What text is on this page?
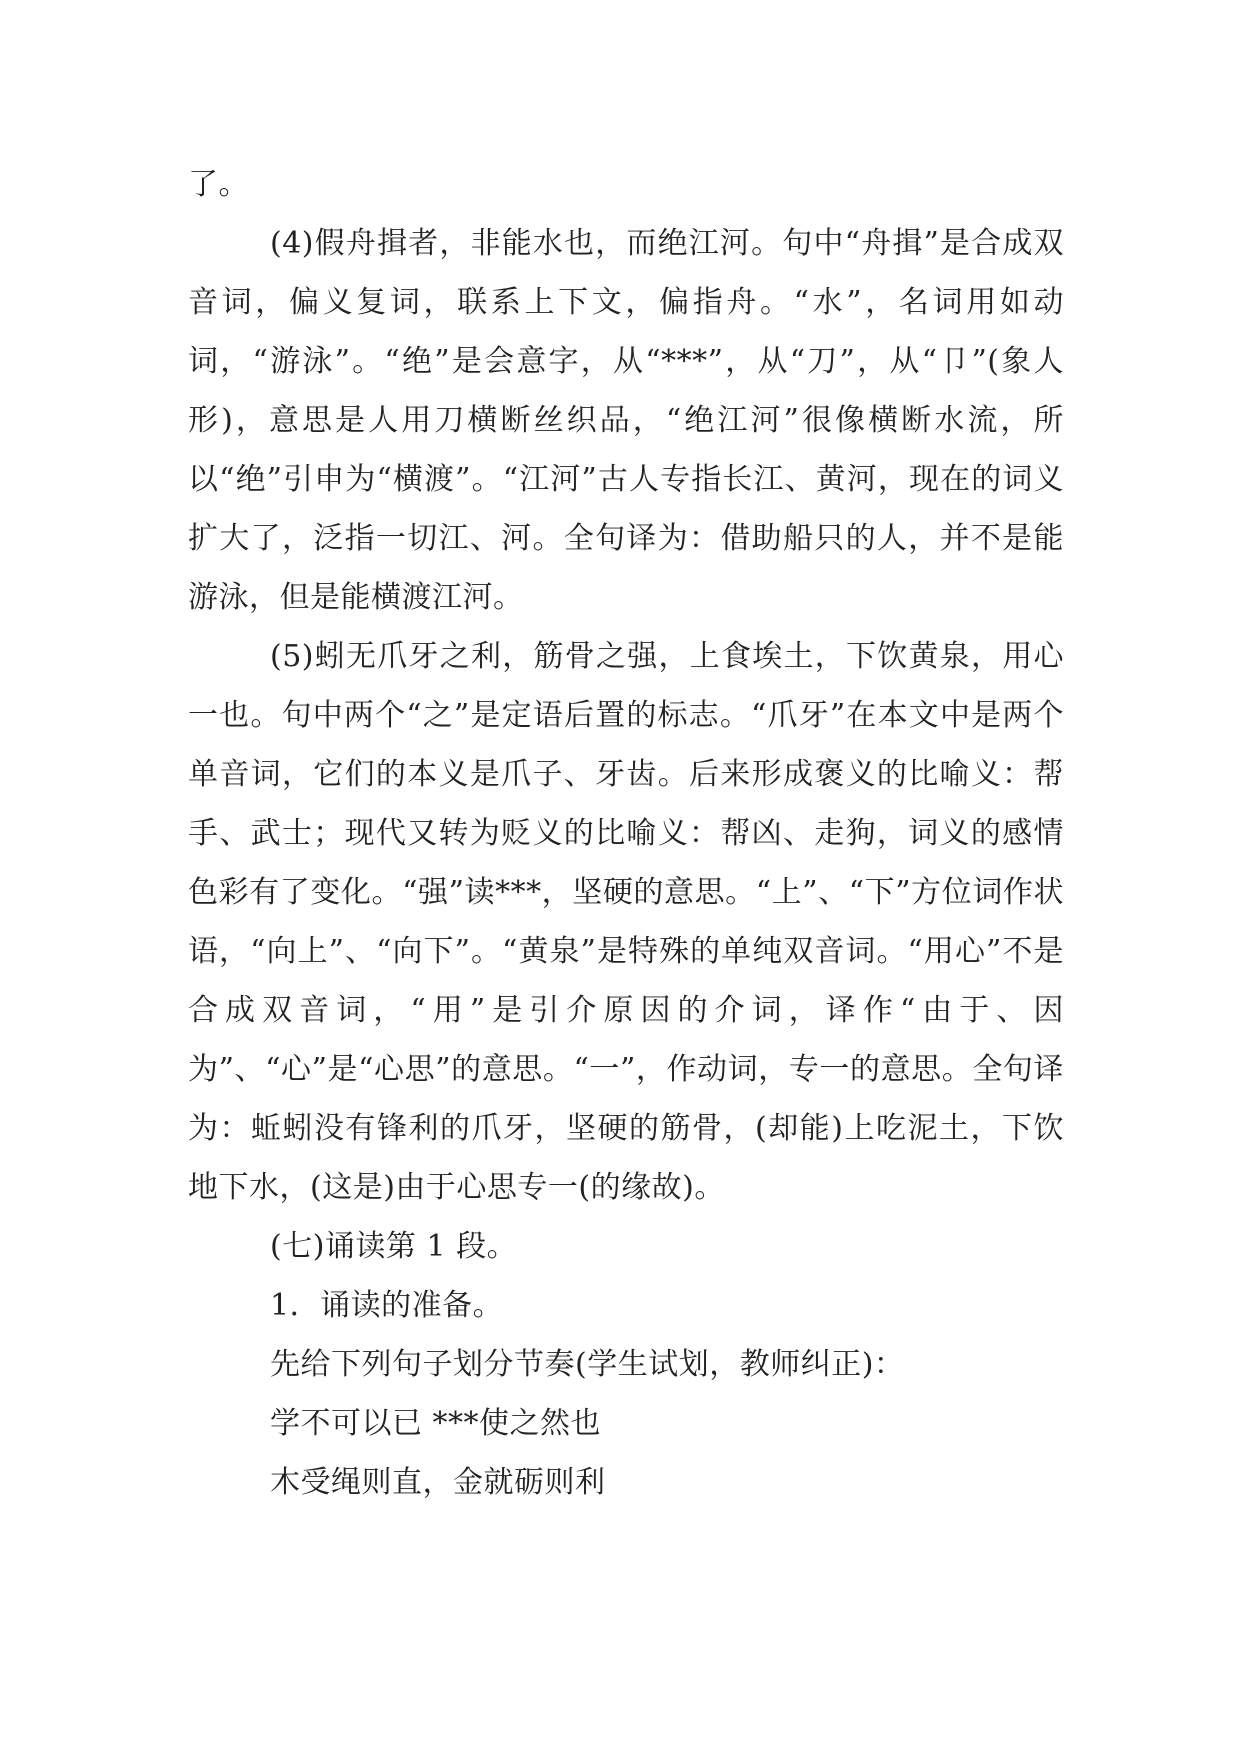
了。

(4)假舟揖者，非能水也，而绝江河。句中“舟揖”是合成双音词，偏义复词，联系上下文，偏指舟。“水”，名词用如动词，“游泳”。“绝”是会意字，从“***”，从“刀”，从“卩”(象人形)，意思是人用刀横断丝织品，“绝江河”很像横断水流，所以“绝”引申为“横渡”。“江河”古人专指长江、黄河，现在的词义扩大了，泛指一切江、河。全句译为：借助船只的人，并不是能游泳，但是能横渡江河。

(5)蚓无爪牙之利，筋骨之强，上食埃土，下饮黄泉，用心一也。句中两个“之”是定语后置的标志。“爪牙”在本文中是两个单音词，它们的本义是爪子、牙齿。后来形成褒义的比喻义：帮手、武士；现代又转为贬义的比喻义：帮凶、走狗，词义的感情色彩有了变化。“强”读***，坚硬的意思。“上”、“下”方位词作状语，“向上”、“向下”。“黄泉”是特殊的单纯双音词。“用心”不是合成双音词，“用”是引介原因的介词，译作“由于、因为”、“心”是“心思”的意思。“一”，作动词，专一的意思。全句译为：蚯蚓没有锋利的爪牙，坚硬的筋骨，(却能)上吃泥土，下饮地下水，(这是)由于心思专一(的缘故)。

(七)诵读第 1 段。

1．诵读的准备。

先给下列句子划分节奏(学生试划，教师纠正)：

学不可以已 ***使之然也

木受绳则直，金就砺则利
